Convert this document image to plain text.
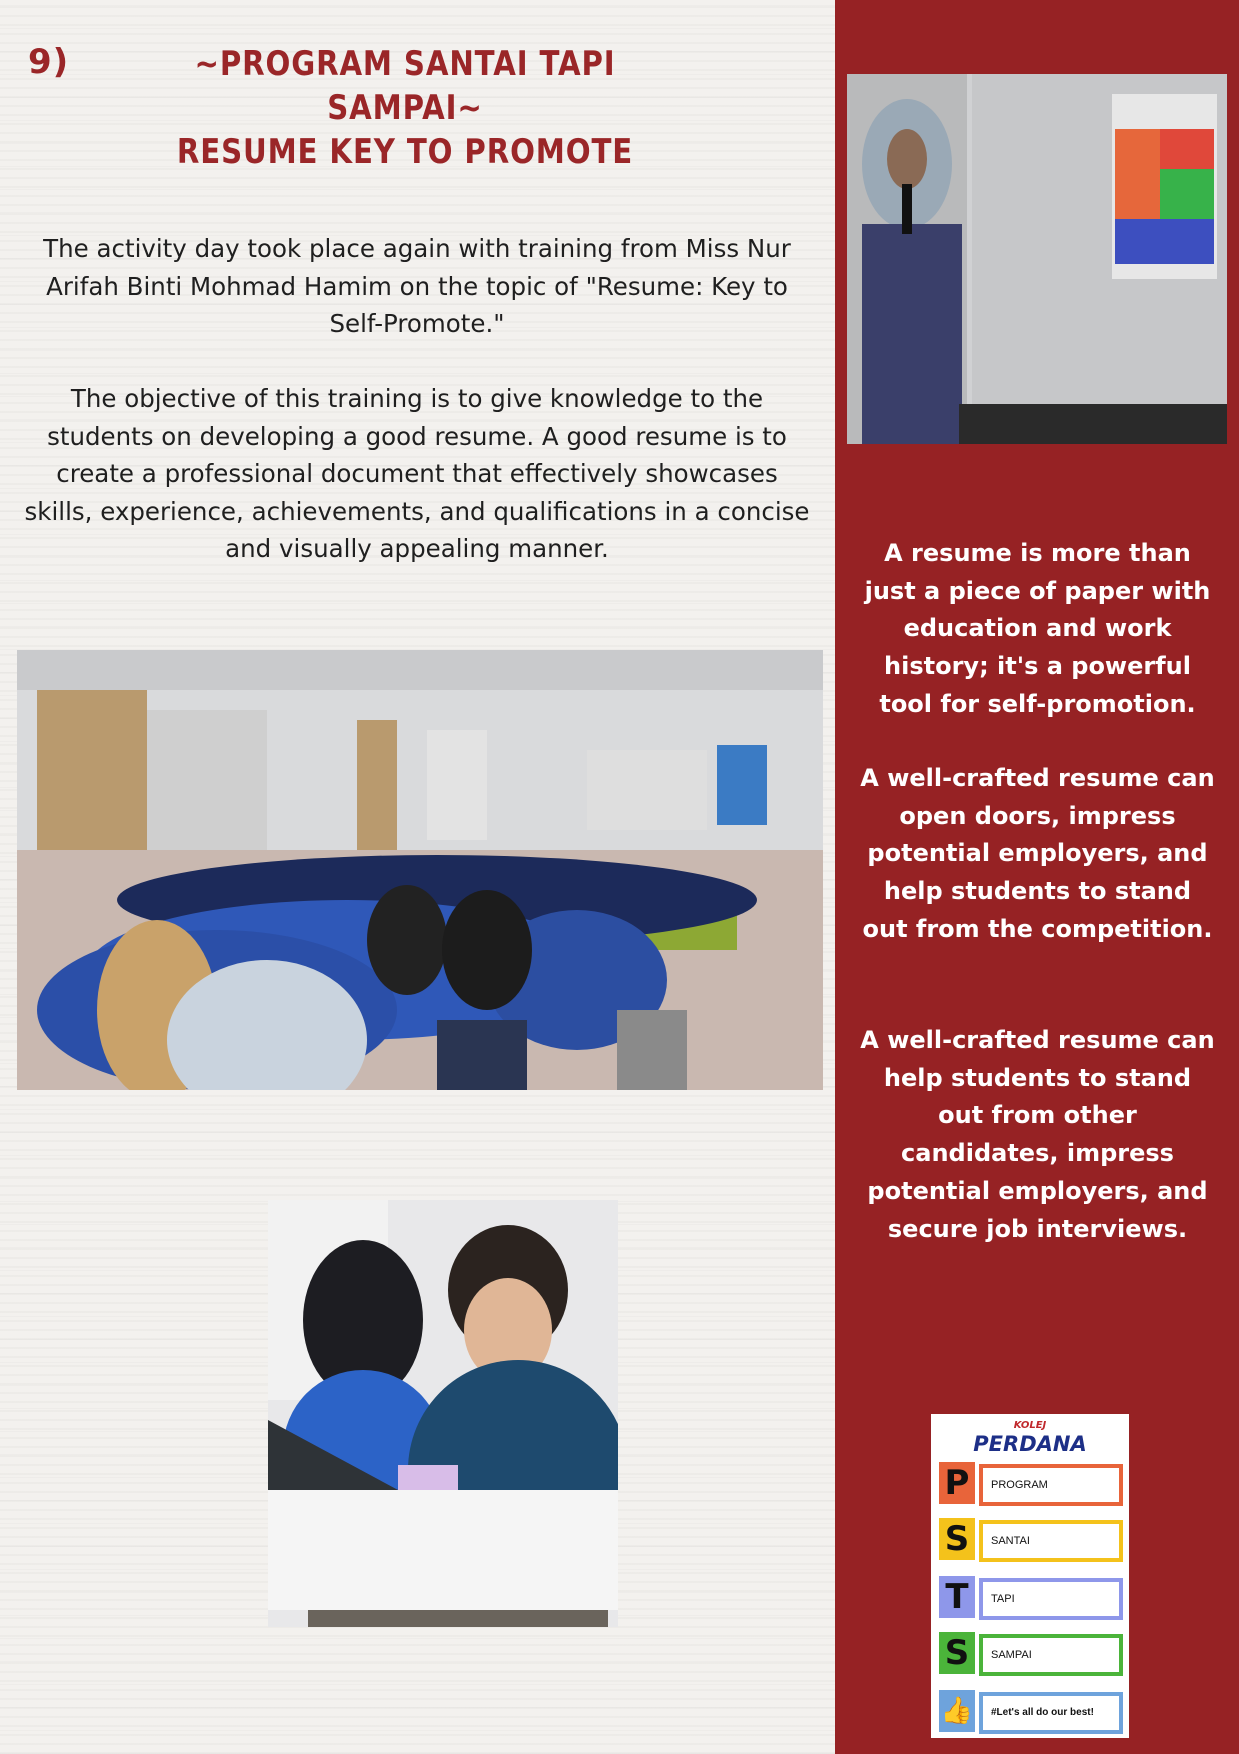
9)	~PROGRAM SANTAI TAPI SAMPAI~
RESUME KEY TO PROMOTE
The activity day took place again with training from Miss Nur Arifah Binti Mohmad Hamim on the topic of "Resume: Key to Self-Promote."
The objective of this training is to give knowledge to the students on developing a good resume. A good resume is to create a professional document that effectively showcases skills, experience, achievements, and qualifications in a concise and visually appealing manner.	A resume is more than just a piece of paper with education and work history; it's a powerful tool for self-promotion.
A well-crafted resume can open doors, impress potential employers, and help students to stand out from the competition.
A well-crafted resume can help students to stand out from other candidates, impress potential employers, and secure job interviews.
KOLEJ
PERDANA
P	PROGRAM
S	SANTAI
T	TAPI
S	SAMPAI
👍	#Let's all do our best!
